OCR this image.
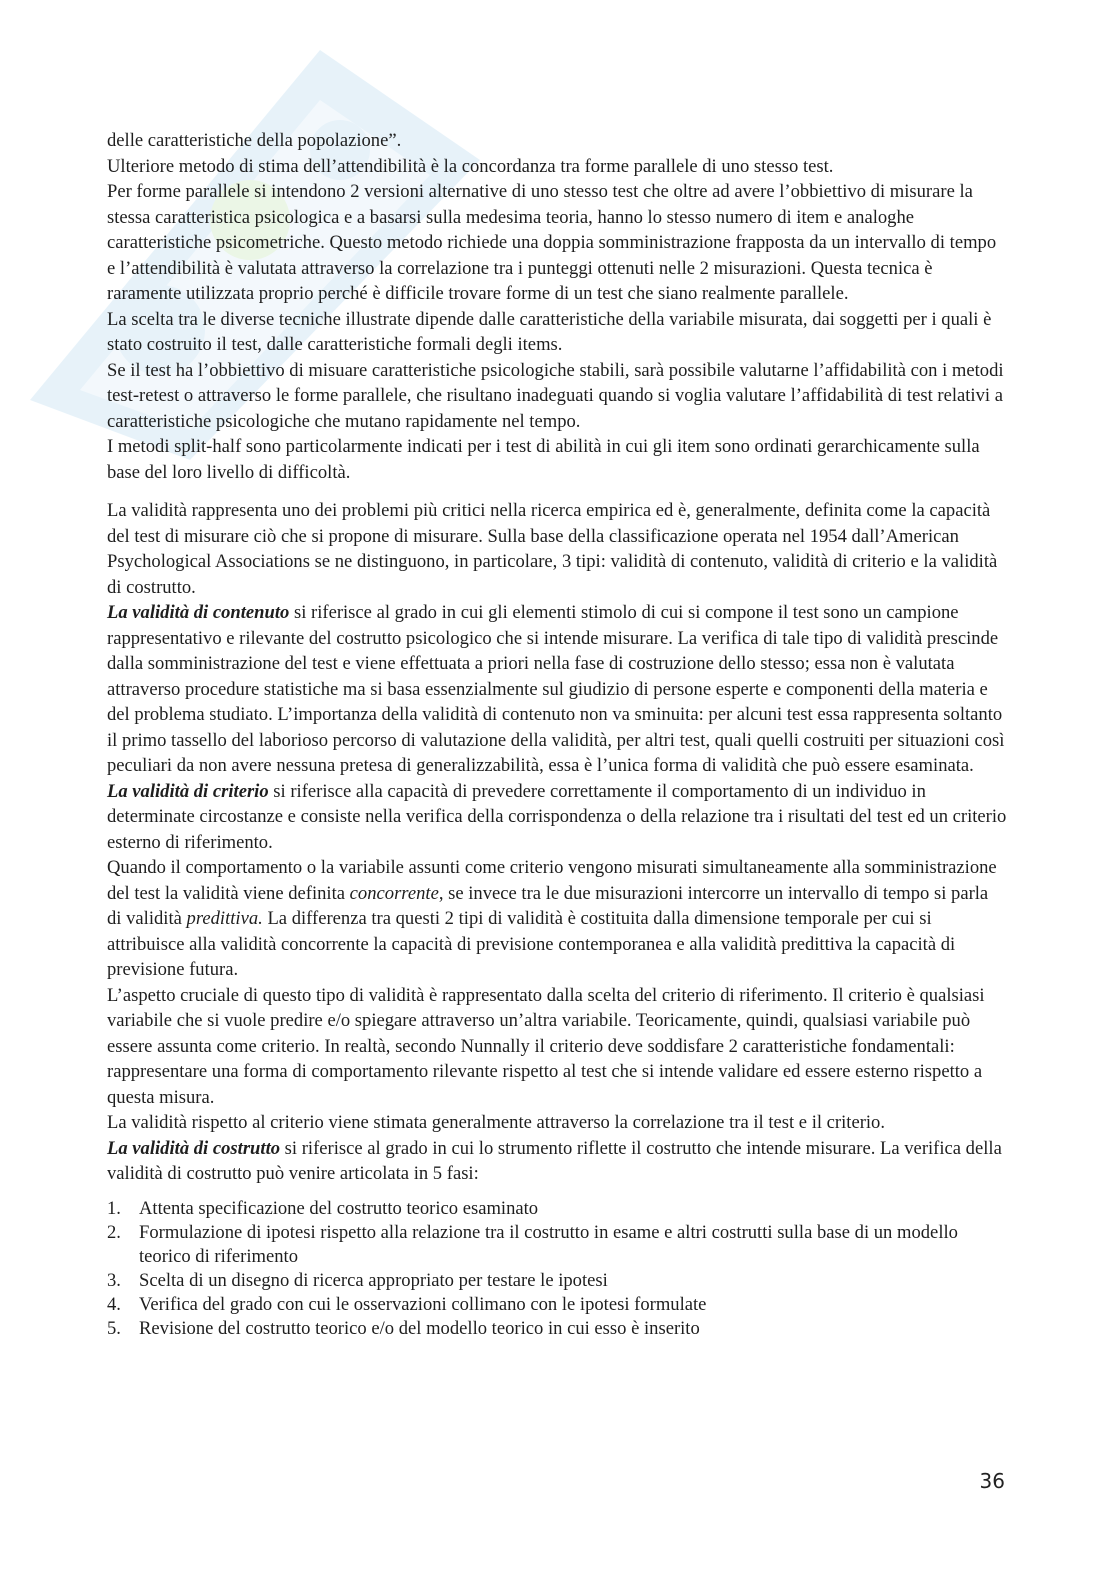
delle caratteristiche della popolazione”.

Ulteriore metodo di stima dell’attendibilità è la concordanza tra forme parallele di uno stesso test.

Per forme parallele si intendono 2 versioni alternative di uno stesso test che oltre ad avere l’obbiettivo di misurare la stessa caratteristica psicologica e a basarsi sulla medesima teoria, hanno lo stesso numero di item e analoghe caratteristiche psicometriche. Questo metodo richiede una doppia somministrazione frapposta da un intervallo di tempo e l’attendibilità è valutata attraverso la correlazione tra i punteggi ottenuti nelle 2 misurazioni. Questa tecnica è raramente utilizzata proprio perché è difficile trovare forme di un test che siano realmente parallele.

La scelta tra le diverse tecniche illustrate dipende dalle caratteristiche della variabile misurata, dai soggetti per i quali è stato costruito il test, dalle caratteristiche formali degli items.

Se il test ha l’obbiettivo di misuare caratteristiche psicologiche stabili, sarà possibile valutarne l’affidabilità con i metodi test-retest o attraverso le forme parallele, che risultano inadeguati quando si voglia valutare l’affidabilità di test relativi a caratteristiche psicologiche che mutano rapidamente nel tempo.

I metodi split-half sono particolarmente indicati per i test di abilità in cui gli item sono ordinati gerarchicamente sulla base del loro livello di difficoltà.

La validità rappresenta uno dei problemi più critici nella ricerca empirica ed è, generalmente, definita come la capacità del test di misurare ciò che si propone di misurare. Sulla base della classificazione operata nel 1954 dall’American Psychological Associations se ne distinguono, in particolare, 3 tipi: validità di contenuto, validità di criterio e la validità di costrutto.

La validità di contenuto si riferisce al grado in cui gli elementi stimolo di cui si compone il test sono un campione rappresentativo e rilevante del costrutto psicologico che si intende misurare. La verifica di tale tipo di validità prescinde dalla somministrazione del test e viene effettuata a priori nella fase di costruzione dello stesso; essa non è valutata attraverso procedure statistiche ma si basa essenzialmente sul giudizio di persone esperte e componenti della materia e del problema studiato. L’importanza della validità di contenuto non va sminuita: per alcuni test essa rappresenta soltanto il primo tassello del laborioso percorso di valutazione della validità, per altri test, quali quelli costruiti per situazioni così peculiari da non avere nessuna pretesa di generalizzabilità, essa è l’unica forma di validità che può essere esaminata.

La validità di criterio si riferisce alla capacità di prevedere correttamente il comportamento di un individuo in determinate circostanze e consiste nella verifica della corrispondenza o della relazione tra i risultati del test ed un criterio esterno di riferimento.

Quando il comportamento o la variabile assunti come criterio vengono misurati simultaneamente alla somministrazione del test la validità viene definita concorrente, se invece tra le due misurazioni intercorre un intervallo di tempo si parla di validità predittiva. La differenza tra questi 2 tipi di validità è costituita dalla dimensione temporale per cui si attribuisce alla validità concorrente la capacità di previsione contemporanea e alla validità predittiva la capacità di previsione futura.

L’aspetto cruciale di questo tipo di validità è rappresentato dalla scelta del criterio di riferimento. Il criterio è qualsiasi variabile che si vuole predire e/o spiegare attraverso un’altra variabile. Teoricamente, quindi, qualsiasi variabile può essere assunta come criterio. In realtà, secondo Nunnally il criterio deve soddisfare 2 caratteristiche fondamentali: rappresentare una forma di comportamento rilevante rispetto al test che si intende validare ed essere esterno rispetto a questa misura.

La validità rispetto al criterio viene stimata generalmente attraverso la correlazione tra il test e il criterio.

La validità di costrutto si riferisce al grado in cui lo strumento riflette il costrutto che intende misurare. La verifica della validità di costrutto può venire articolata in 5 fasi:

1. Attenta specificazione del costrutto teorico esaminato
2. Formulazione di ipotesi rispetto alla relazione tra il costrutto in esame e altri costrutti sulla base di un modello teorico di riferimento
3. Scelta di un disegno di ricerca appropriato per testare le ipotesi
4. Verifica del grado con cui le osservazioni collimano con le ipotesi formulate
5. Revisione del costrutto teorico e/o del modello teorico in cui esso è inserito
36
